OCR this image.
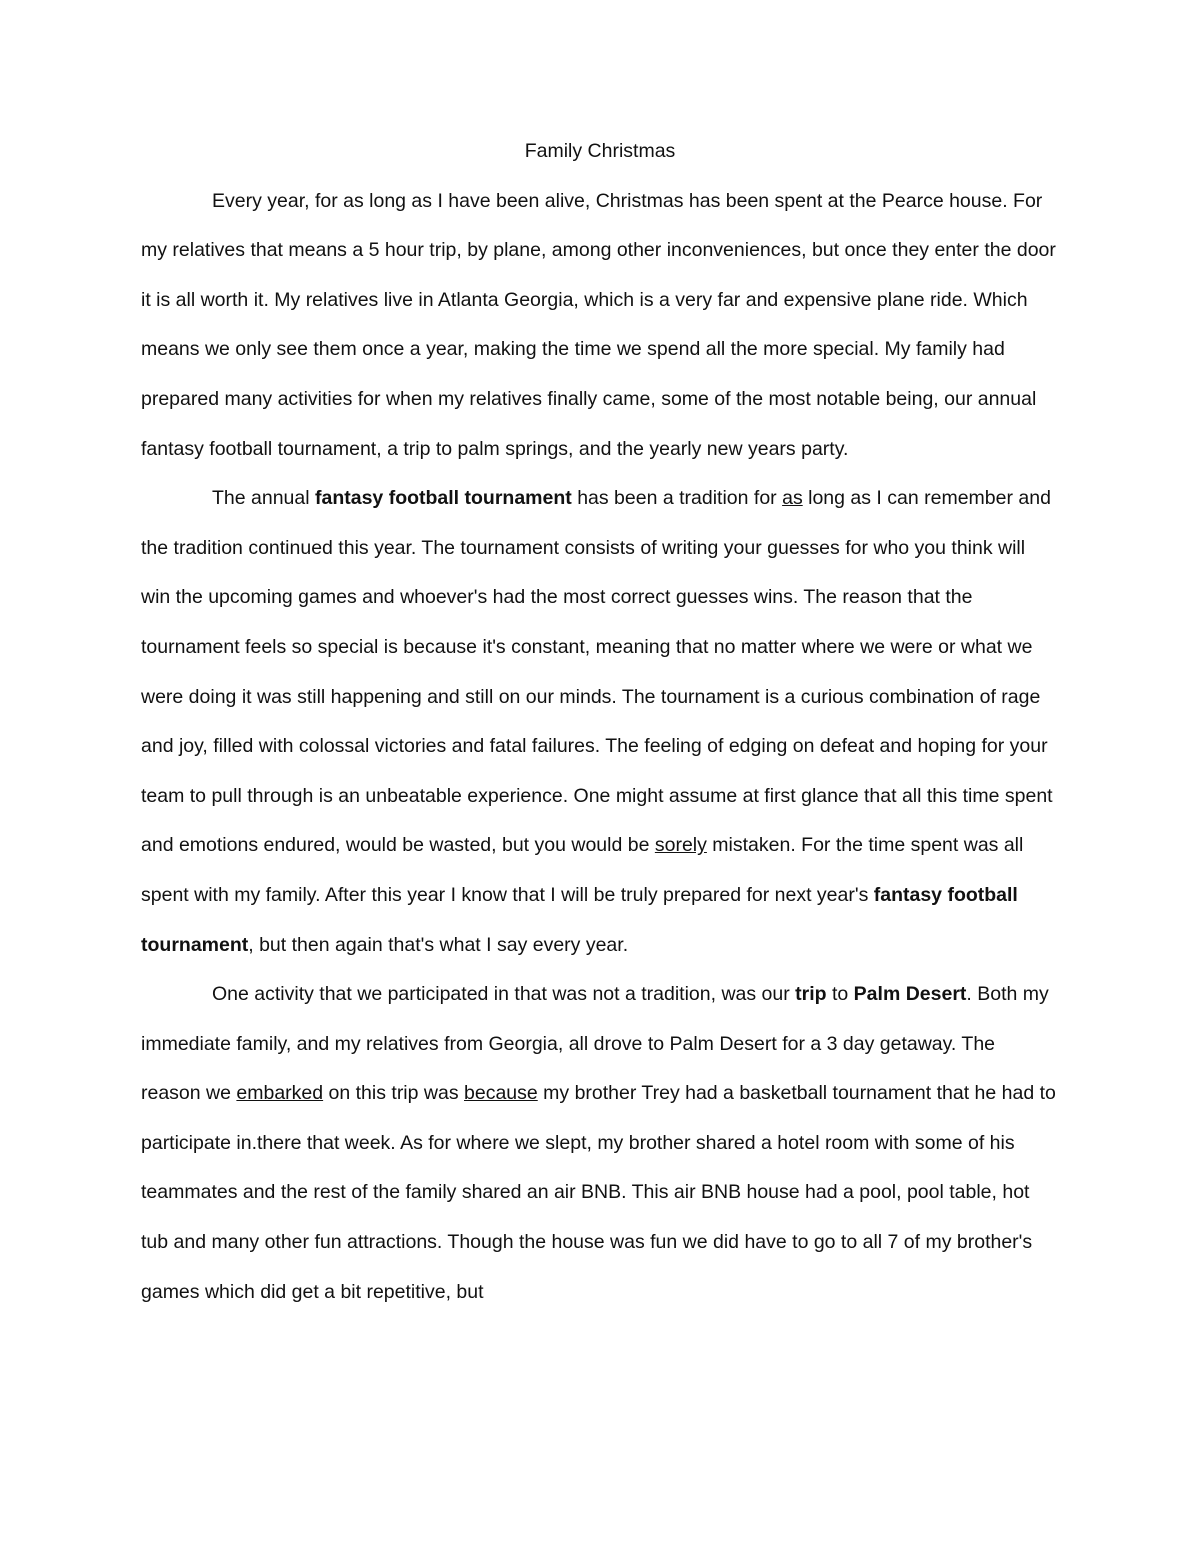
Family Christmas

Every year, for as long as I have been alive, Christmas has been spent at the Pearce house. For my relatives that means a 5 hour trip, by plane, among other inconveniences, but once they enter the door it is all worth it. My relatives live in Atlanta Georgia, which is a very far and expensive plane ride. Which means we only see them once a year, making the time we spend all the more special. My family had prepared many activities for when my relatives finally came, some of the most notable being, our annual fantasy football tournament, a trip to palm springs, and the yearly new years party.

The annual fantasy football tournament has been a tradition for as long as I can remember and the tradition continued this year. The tournament consists of writing your guesses for who you think will win the upcoming games and whoever's had the most correct guesses wins. The reason that the tournament feels so special is because it's constant, meaning that no matter where we were or what we were doing it was still happening and still on our minds. The tournament is a curious combination of rage and joy, filled with colossal victories and fatal failures. The feeling of edging on defeat and hoping for your team to pull through is an unbeatable experience. One might assume at first glance that all this time spent and emotions endured, would be wasted, but you would be sorely mistaken. For the time spent was all spent with my family. After this year I know that I will be truly prepared for next year's fantasy football tournament, but then again that's what I say every year.

One activity that we participated in that was not a tradition, was our trip to Palm Desert. Both my immediate family, and my relatives from Georgia, all drove to Palm Desert for a 3 day getaway. The reason we embarked on this trip was because my brother Trey had a basketball tournament that he had to participate in.there that week. As for where we slept, my brother shared a hotel room with some of his teammates and the rest of the family shared an air BNB. This air BNB house had a pool, pool table, hot tub and many other fun attractions. Though the house was fun we did have to go to all 7 of my brother's games which did get a bit repetitive, but
